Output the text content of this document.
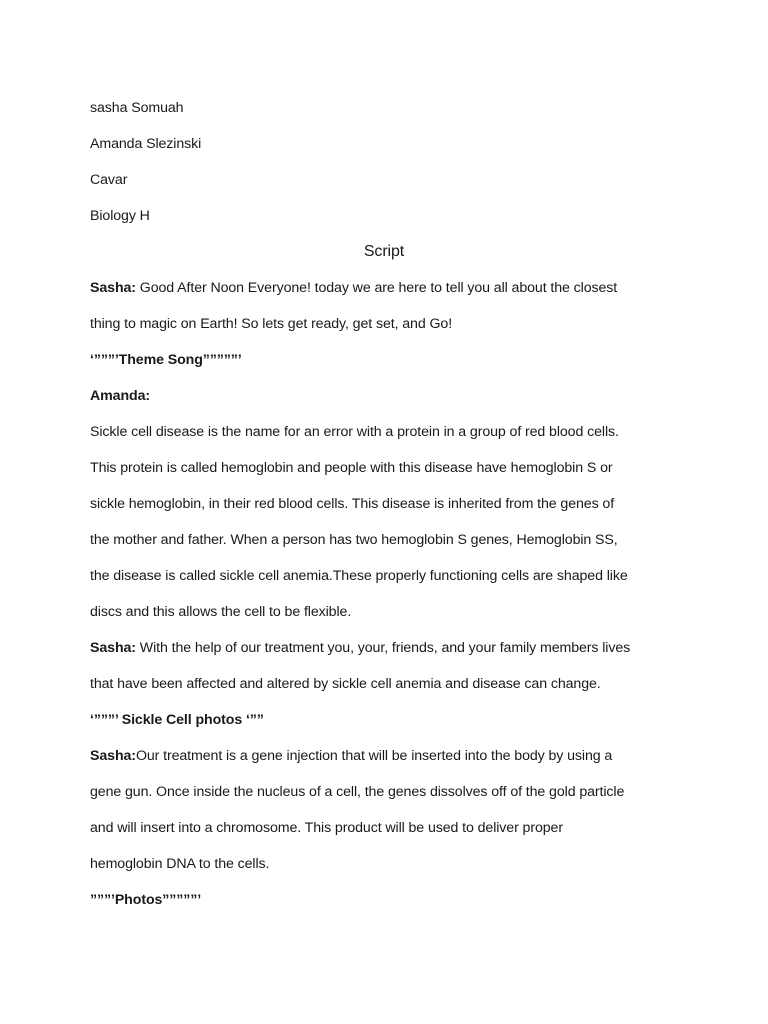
sasha Somuah
Amanda Slezinski
Cavar
Biology H
Script
Sasha: Good After Noon Everyone! today we are here to tell you all about the closest
thing to magic on Earth! So lets get ready, get set, and Go!
‘”””’Theme Song”””””’
Amanda:
Sickle cell disease is the name for an error with a protein in a group of red blood cells.
This protein is called hemoglobin and people with this disease have hemoglobin S or
sickle hemoglobin, in their red blood cells. This disease is inherited from the genes of
the mother and father. When a person has two hemoglobin S genes, Hemoglobin SS,
the disease is called sickle cell anemia.These properly functioning cells are shaped like
discs and this allows the cell to be flexible.
Sasha: With the help of our treatment you, your, friends, and your family members lives
that have been affected and altered by sickle cell anemia and disease can change.
‘”””’ Sickle Cell photos ‘””
Sasha:Our treatment is a gene injection that will be inserted into the body by using a
gene gun. Once inside the nucleus of a cell, the genes dissolves off of the gold particle
and will insert into a chromosome. This product will be used to deliver proper
hemoglobin DNA to the cells.
”””’Photos”””””’
